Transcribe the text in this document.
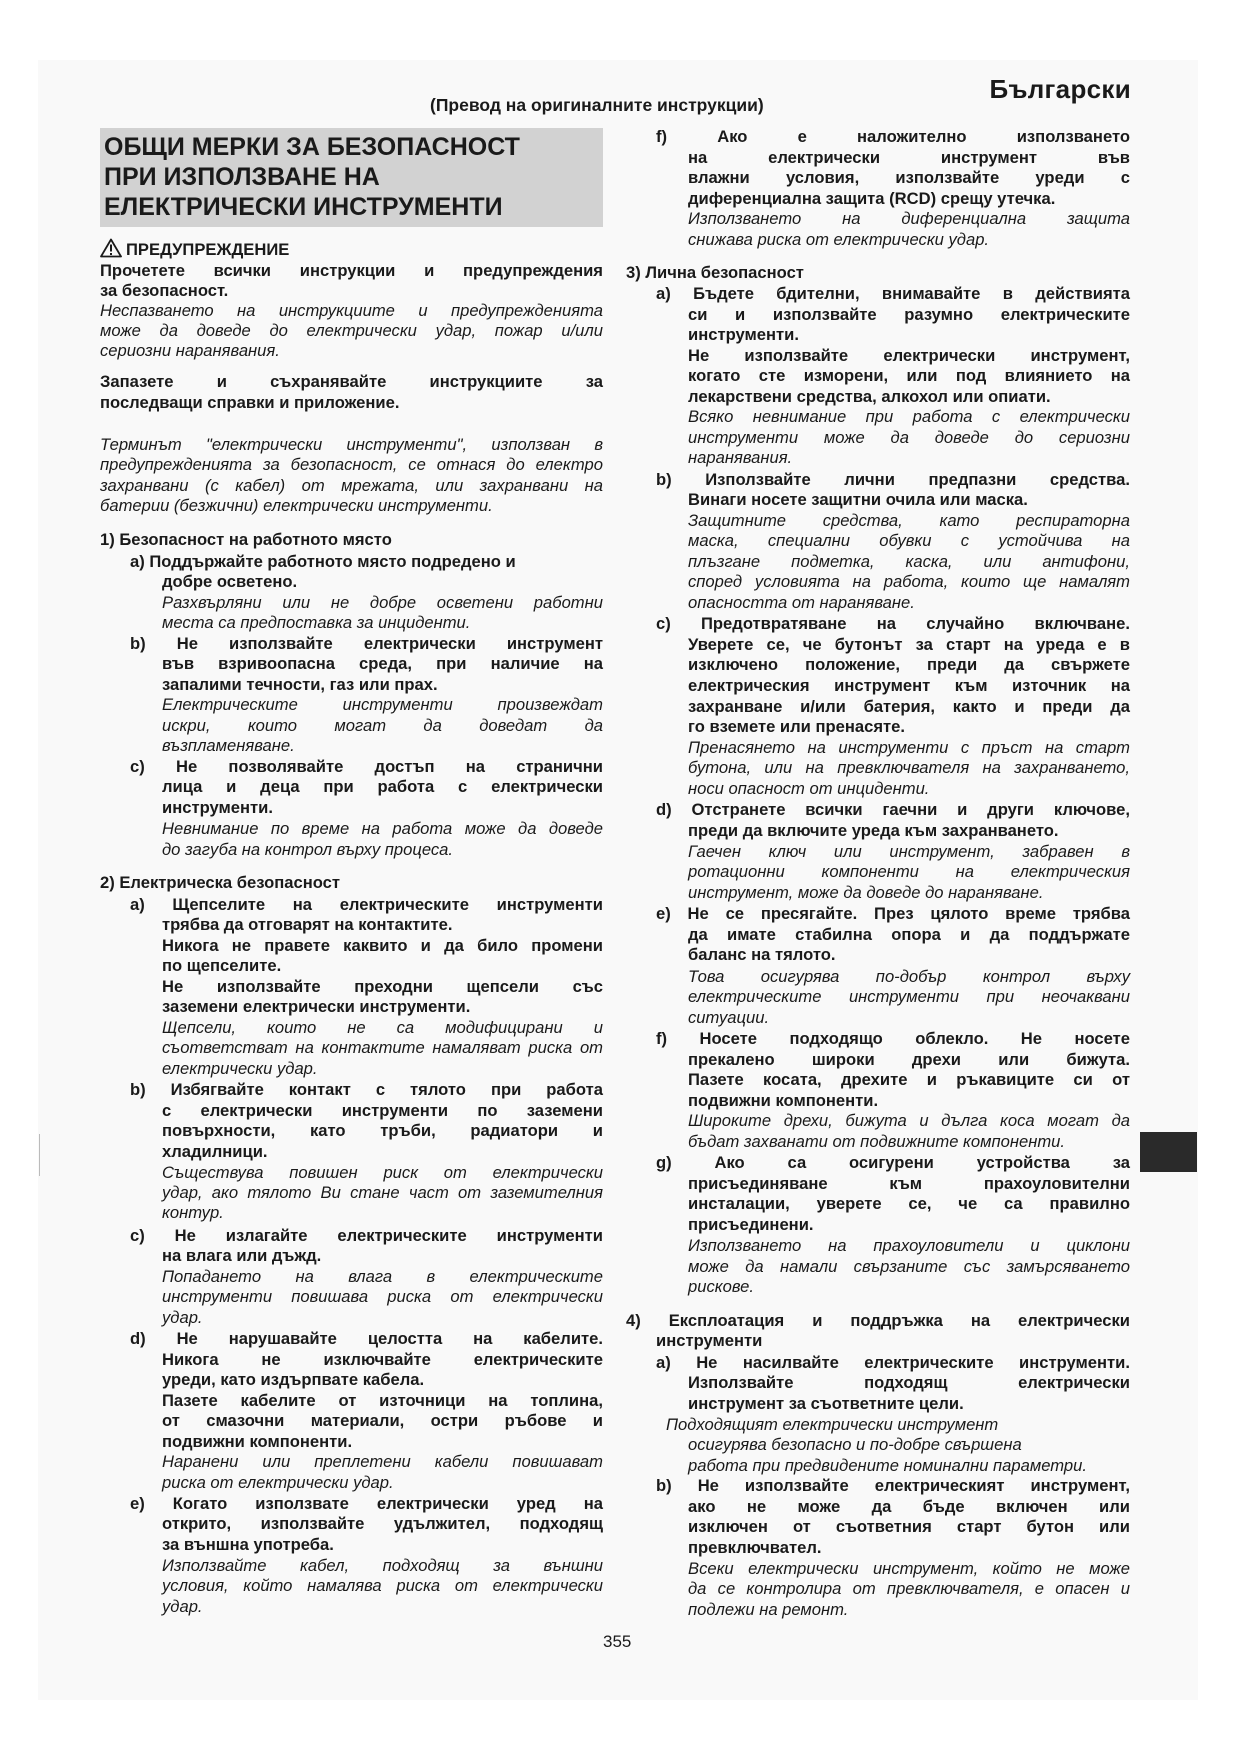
Български
(Превод на оригиналните инструкции)
ОБЩИ МЕРКИ ЗА БЕЗОПАСНОСТ
ПРИ ИЗПОЛЗВАНЕ НА
ЕЛЕКТРИЧЕСКИ ИНСТРУМЕНТИ
ПРЕДУПРЕЖДЕНИЕ
Прочетете всички инструкции и предупреждения
за безопасност.
Неспазването на инструкциите и предупрежденията
може да доведе до електрически удар, пожар и/или
сериозни наранявания.
Запазете и съхранявайте инструкциите за
последващи справки и приложение.
Терминът "електрически инструменти", използван в
предупрежденията за безопасност, се отнася до електро
захранвани (с кабел) от мрежата, или захранвани на
батерии (безжични) електрически инструменти.
1) Безопасност на работното място
a) Поддържайте работното място подредено и
добре осветено.
Разхвърляни или не добре осветени работни
места са предпоставка за инциденти.
b) Не използвайте електрически инструмент
във взривоопасна среда, при наличие на
запалими течности, газ или прах.
Електрическите инструменти произвеждат
искри, които могат да доведат да
възпламеняване.
c) Не позволявайте достъп на странични
лица и деца при работа с електрически
инструменти.
Невнимание по време на работа може да доведе
до загуба на контрол върху процеса.
2) Електрическа безопасност
a) Щепселите на електрическите инструменти
трябва да отговарят на контактите.
Никога не правете каквито и да било промени
по щепселите.
Не използвайте преходни щепсели със
заземени електрически инструменти.
Щепсели, които не са модифицирани и
съответстват на контактите намаляват риска от
електрически удар.
b) Избягвайте контакт с тялото при работа
с електрически инструменти по заземени
повърхности, като тръби, радиатори и
хладилници.
Съществува повишен риск от електрически
удар, ако тялото Ви стане част от заземителния
контур.
c) Не излагайте електрическите инструменти
на влага или дъжд.
Попадането на влага в електрическите
инструменти повишава риска от електрически
удар.
d) Не нарушавайте целостта на кабелите.
Никога не изключвайте електрическите
уреди, като издърпвате кабела.
Пазете кабелите от източници на топлина,
от смазочни материали, остри ръбове и
подвижни компоненти.
Наранени или преплетени кабели повишават
риска от електрически удар.
e) Когато използвате електрически уред на
открито, използвайте удължител, подходящ
за външна употреба.
Използвайте кабел, подходящ за външни
условия, който намалява риска от електрически
удар.
f) Ако е наложително използването
на електрически инструмент във
влажни условия, използвайте уреди с
диференциална защита (RCD) срещу утечка.
Използването на диференциална защита
снижава риска от електрически удар.
3) Лична безопасност
a) Бъдете бдителни, внимавайте в действията
си и използвайте разумно електрическите
инструменти.
Не използвайте електрически инструмент,
когато сте изморени, или под влиянието на
лекарствени средства, алкохол или опиати.
Всяко невнимание при работа с електрически
инструменти може да доведе до сериозни
наранявания.
b) Използвайте лични предпазни средства.
Винаги носете защитни очила или маска.
Защитните средства, като респираторна
маска, специални обувки с устойчива на
плъзгане подметка, каска, или антифони,
според условията на работа, които ще намалят
опасността от нараняване.
c) Предотвратяване на случайно включване.
Уверете се, че бутонът за старт на уреда е в
изключено положение, преди да свържете
електрическия инструмент към източник на
захранване и/или батерия, както и преди да
го вземете или пренасяте.
Пренасянето на инструменти с пръст на старт
бутона, или на превключвателя на захранването,
носи опасност от инциденти.
d) Отстранете всички гаечни и други ключове,
преди да включите уреда към захранването.
Гаечен ключ или инструмент, забравен в
ротационни компоненти на електрическия
инструмент, може да доведе до нараняване.
e) Не се пресягайте. През цялото време трябва
да имате стабилна опора и да поддържате
баланс на тялото.
Това осигурява по-добър контрол върху
електрическите инструменти при неочаквани
ситуации.
f) Носете подходящо облекло. Не носете
прекалено широки дрехи или бижута.
Пазете косата, дрехите и ръкавиците си от
подвижни компоненти.
Широките дрехи, бижута и дълга коса могат да
бъдат захванати от подвижните компоненти.
g) Ако са осигурени устройства за
присъединяване към прахоуловителни
инсталации, уверете се, че са правилно
присъединени.
Използването на прахоуловители и циклони
може да намали свързаните със замърсяването
рискове.
4) Експлоатация и поддръжка на електрически
инструменти
a) Не насилвайте електрическите инструменти.
Използвайте подходящ електрически
инструмент за съответните цели.
Подходящият електрически инструмент
осигурява безопасно и по-добре свършена
работа при предвидените номинални параметри.
b) Не използвайте електрическият инструмент,
ако не може да бъде включен или
изключен от съответния старт бутон или
превключвател.
Всеки електрически инструмент, който не може
да се контролира от превключвателя, е опасен и
подлежи на ремонт.
355
